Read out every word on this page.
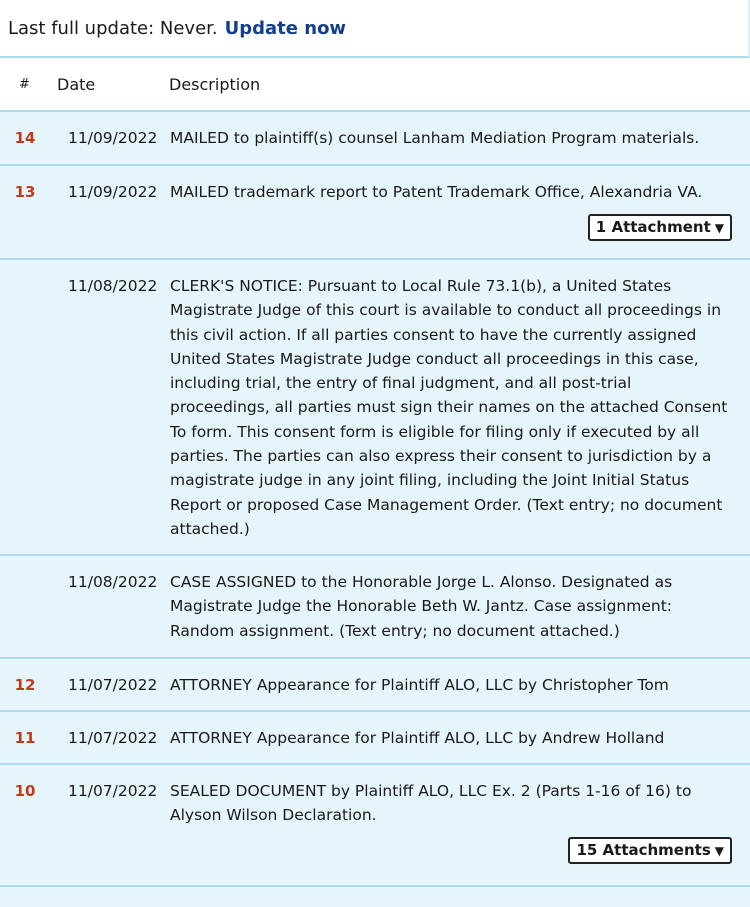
Last full update: Never. Update now
#	Date	Description
14	11/09/2022 MAILED to plaintiff(s) counsel Lanham Mediation Program materials.
13	11/09/2022 MAILED trademark report to Patent Trademark Office, Alexandria VA.
1 Attachment ▼
11/08/2022 CLERK'S NOTICE: Pursuant to Local Rule 73.1(b), a United States Magistrate Judge of this court is available to conduct all proceedings in this civil action. If all parties consent to have the currently assigned United States Magistrate Judge conduct all proceedings in this case, including trial, the entry of final judgment, and all post-trial proceedings, all parties must sign their names on the attached Consent To form. This consent form is eligible for filing only if executed by all parties. The parties can also express their consent to jurisdiction by a magistrate judge in any joint filing, including the Joint Initial Status Report or proposed Case Management Order. (Text entry; no document attached.)
11/08/2022 CASE ASSIGNED to the Honorable Jorge L. Alonso. Designated as Magistrate Judge the Honorable Beth W. Jantz. Case assignment: Random assignment. (Text entry; no document attached.)
12	11/07/2022 ATTORNEY Appearance for Plaintiff ALO, LLC by Christopher Tom
11	11/07/2022 ATTORNEY Appearance for Plaintiff ALO, LLC by Andrew Holland
10	11/07/2022 SEALED DOCUMENT by Plaintiff ALO, LLC Ex. 2 (Parts 1-16 of 16) to Alyson Wilson Declaration.
15 Attachments ▼
